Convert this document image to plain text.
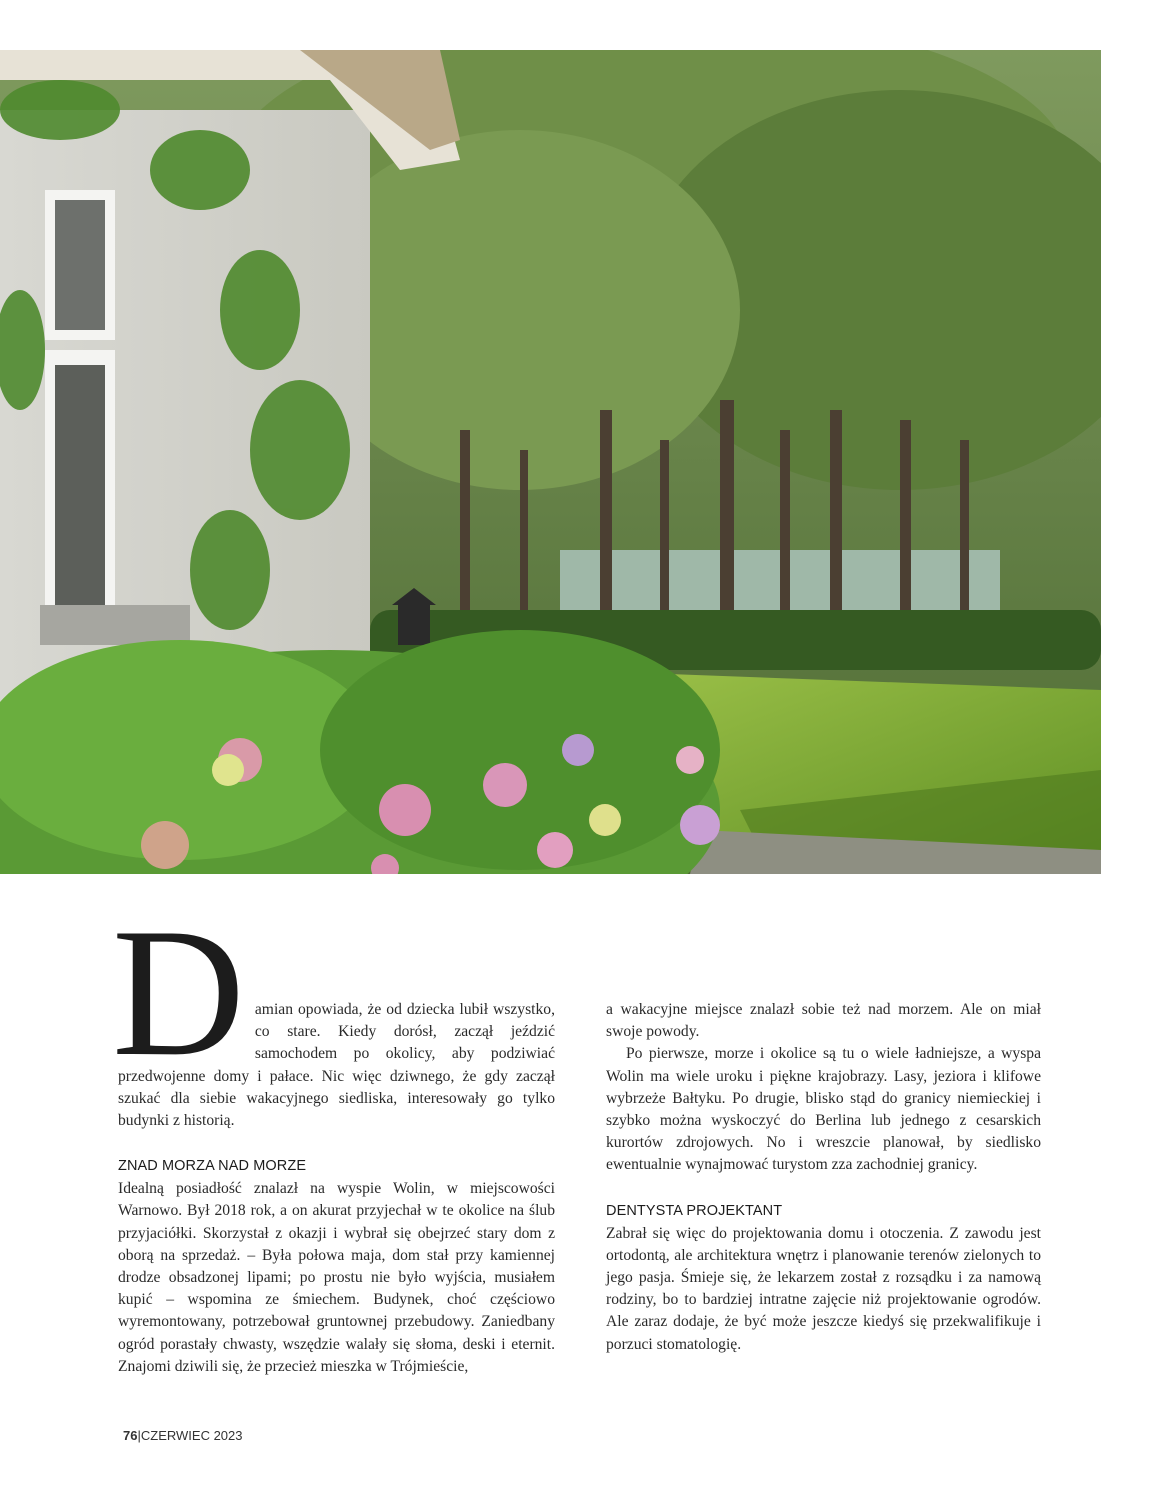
D amian opowiada, że od dziecka lubił wszystko, co stare. Kiedy dorósł, zaczął jeździć samochodem po okolicy, aby podziwiać przedwojenne domy i pałace. Nic więc dziwnego, że gdy zaczął szukać dla siebie wakacyjnego siedliska, interesowały go tylko budynki z historią.

ZNAD MORZA NAD MORZE

Idealną posiadłość znalazł na wyspie Wolin, w miejscowości Warnowo. Był 2018 rok, a on akurat przyjechał w te okolice na ślub przyjaciółki. Skorzystał z okazji i wybrał się obejrzeć stary dom z oborą na sprzedaż. – Była połowa maja, dom stał przy kamiennej drodze obsadzonej lipami; po prostu nie było wyjścia, musiałem kupić – wspomina ze śmiechem. Budynek, choć częściowo wyremontowany, potrzebował gruntownej przebudowy. Zaniedbany ogród porastały chwasty, wszędzie walały się słoma, deski i eternit. Znajomi dziwili się, że przecież mieszka w Trójmieście,

a wakacyjne miejsce znalazł sobie też nad morzem. Ale on miał swoje powody.

Po pierwsze, morze i okolice są tu o wiele ładniejsze, a wyspa Wolin ma wiele uroku i piękne krajobrazy. Lasy, jeziora i klifowe wybrzeże Bałtyku. Po drugie, blisko stąd do granicy niemieckiej i szybko można wyskoczyć do Berlina lub jednego z cesarskich kurortów zdrojowych. No i wreszcie planował, by siedlisko ewentualnie wynajmować turystom zza zachodniej granicy.

DENTYSTA PROJEKTANT

Zabrał się więc do projektowania domu i otoczenia. Z zawodu jest ortodontą, ale architektura wnętrz i planowanie terenów zielonych to jego pasja. Śmieje się, że lekarzem został z rozsądku i za namową rodziny, bo to bardziej intratne zajęcie niż projektowanie ogrodów. Ale zaraz dodaje, że być może jeszcze kiedyś się przekwalifikuje i porzuci stomatologię.

76|CZERWIEC 2023
